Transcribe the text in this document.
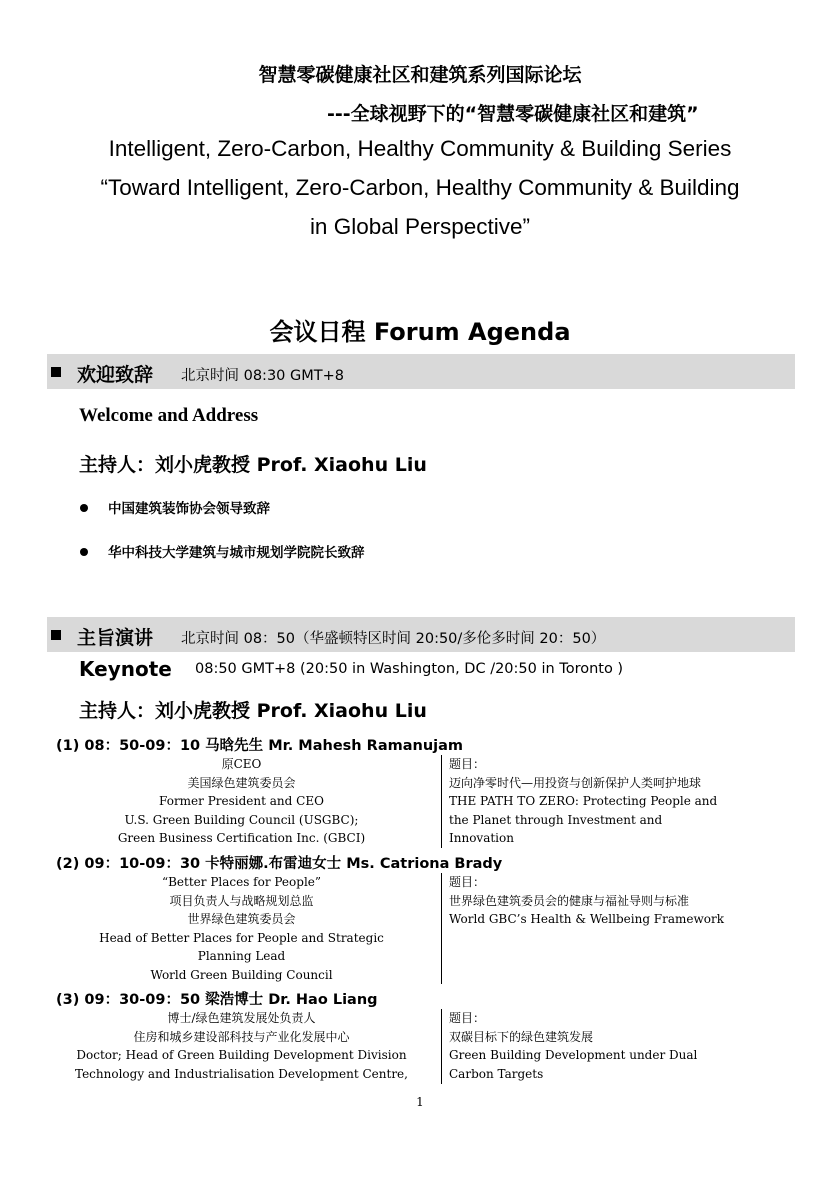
智慧零碳健康社区和建筑系列国际论坛
---全球视野下的“智慧零碳健康社区和建筑”
Intelligent, Zero-Carbon, Healthy Community & Building Series
“Toward Intelligent, Zero-Carbon, Healthy Community & Building
in Global Perspective”
会议日程 Forum Agenda
欢迎致辞 北京时间 08:30 GMT+8
Welcome and Address
主持人：刘小虎教授 Prof. Xiaohu Liu
中国建筑装饰协会领导致辞
华中科技大学建筑与城市规划学院院长致辞
主旨演讲 北京时间 08：50（华盛顿特区时间 20:50/多伦多时间 20：50）
Keynote 08:50 GMT+8 (20:50 in Washington, DC /20:50 in Toronto )
主持人：刘小虎教授 Prof. Xiaohu Liu
(1) 08：50-09：10 马晗先生 Mr. Mahesh Ramanujam
原CEO
美国绿色建筑委员会
Former President and CEO
U.S. Green Building Council (USGBC);
Green Business Certification Inc. (GBCI)
题目：
迈向净零时代—用投资与创新保护人类呵护地球
THE PATH TO ZERO: Protecting People and
the Planet through Investment and
Innovation
(2) 09：10-09：30 卡特丽娜.布雷迪女士 Ms. Catriona Brady
“Better Places for People”
项目负责人与战略规划总监
世界绿色建筑委员会
Head of Better Places for People and Strategic
Planning Lead
World Green Building Council
题目：
世界绿色建筑委员会的健康与福祉导则与标准
World GBC’s Health & Wellbeing Framework
(3) 09：30-09：50 梁浩博士 Dr. Hao Liang
博士/绿色建筑发展处负责人
住房和城乡建设部科技与产业化发展中心
Doctor; Head of Green Building Development Division
Technology and Industrialisation Development Centre,
题目：
双碳目标下的绿色建筑发展
Green Building Development under Dual
Carbon Targets
1
